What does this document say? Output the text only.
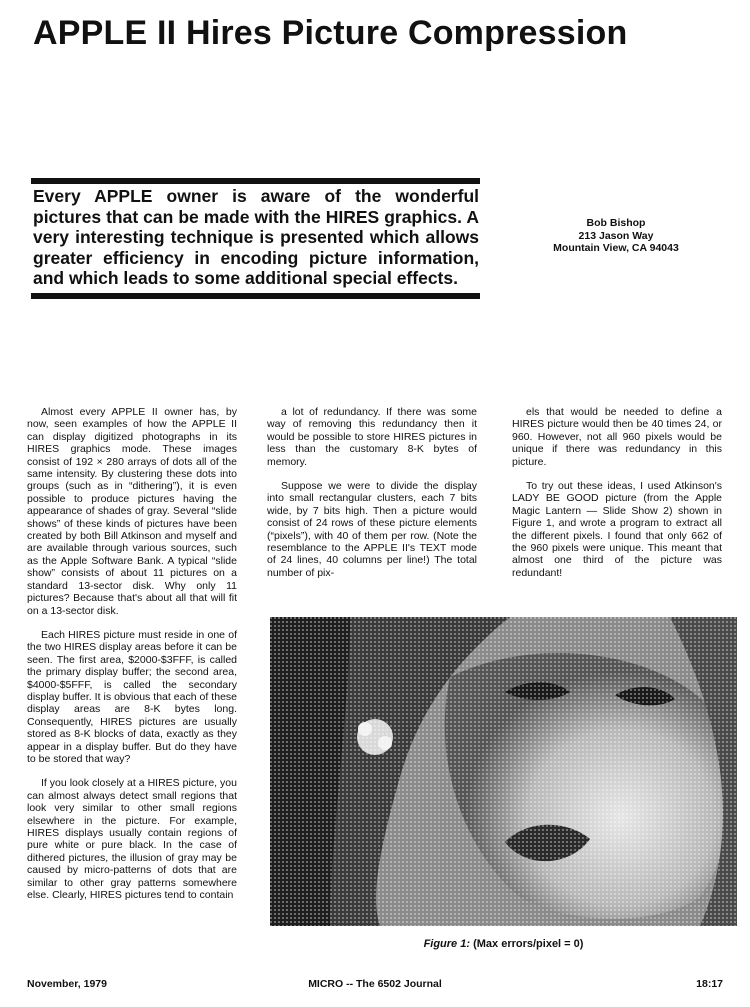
APPLE II Hires Picture Compression

Every APPLE owner is aware of the wonderful pictures that can be made with the HIRES graphics. A very interesting technique is presented which allows greater efficiency in encoding picture information, and which leads to some additional special effects.

Bob Bishop
213 Jason Way
Mountain View, CA 94043

Almost every APPLE II owner has, by now, seen examples of how the APPLE II can display digitized photographs in its HIRES graphics mode. These images consist of 192 × 280 arrays of dots all of the same intensity. By clustering these dots into groups (such as in “dithering”), it is even possible to produce pictures having the appearance of shades of gray. Several “slide shows” of these kinds of pictures have been created by both Bill Atkinson and myself and are available through various sources, such as the Apple Software Bank. A typical “slide show” consists of about 11 pictures on a standard 13-sector disk. Why only 11 pictures? Because that's about all that will fit on a 13-sector disk.

Each HIRES picture must reside in one of the two HIRES display areas before it can be seen. The first area, $2000-$3FFF, is called the primary display buffer; the second area, $4000-$5FFF, is called the secondary display buffer. It is obvious that each of these display areas are 8-K bytes long. Consequently, HIRES pictures are usually stored as 8-K blocks of data, exactly as they appear in a display buffer. But do they have to be stored that way?

If you look closely at a HIRES picture, you can almost always detect small regions that look very similar to other small regions elsewhere in the picture. For example, HIRES displays usually contain regions of pure white or pure black. In the case of dithered pictures, the illusion of gray may be caused by micro-patterns of dots that are similar to other gray patterns somewhere else. Clearly, HIRES pictures tend to contain

a lot of redundancy. If there was some way of removing this redundancy then it would be possible to store HIRES pictures in less than the customary 8-K bytes of memory.

Suppose we were to divide the display into small rectangular clusters, each 7 bits wide, by 7 bits high. Then a picture would consist of 24 rows of these picture elements (“pixels”), with 40 of them per row. (Note the resemblance to the APPLE II's TEXT mode of 24 lines, 40 columns per line!) The total number of pix-

els that would be needed to define a HIRES picture would then be 40 times 24, or 960. However, not all 960 pixels would be unique if there was redundancy in this picture.

To try out these ideas, I used Atkinson's LADY BE GOOD picture (from the Apple Magic Lantern — Slide Show 2) shown in Figure 1, and wrote a program to extract all the different pixels. I found that only 662 of the 960 pixels were unique. This meant that almost one third of the picture was redundant!

Figure 1: (Max errors/pixel = 0)
November, 1979	MICRO -- The 6502 Journal	18:17
